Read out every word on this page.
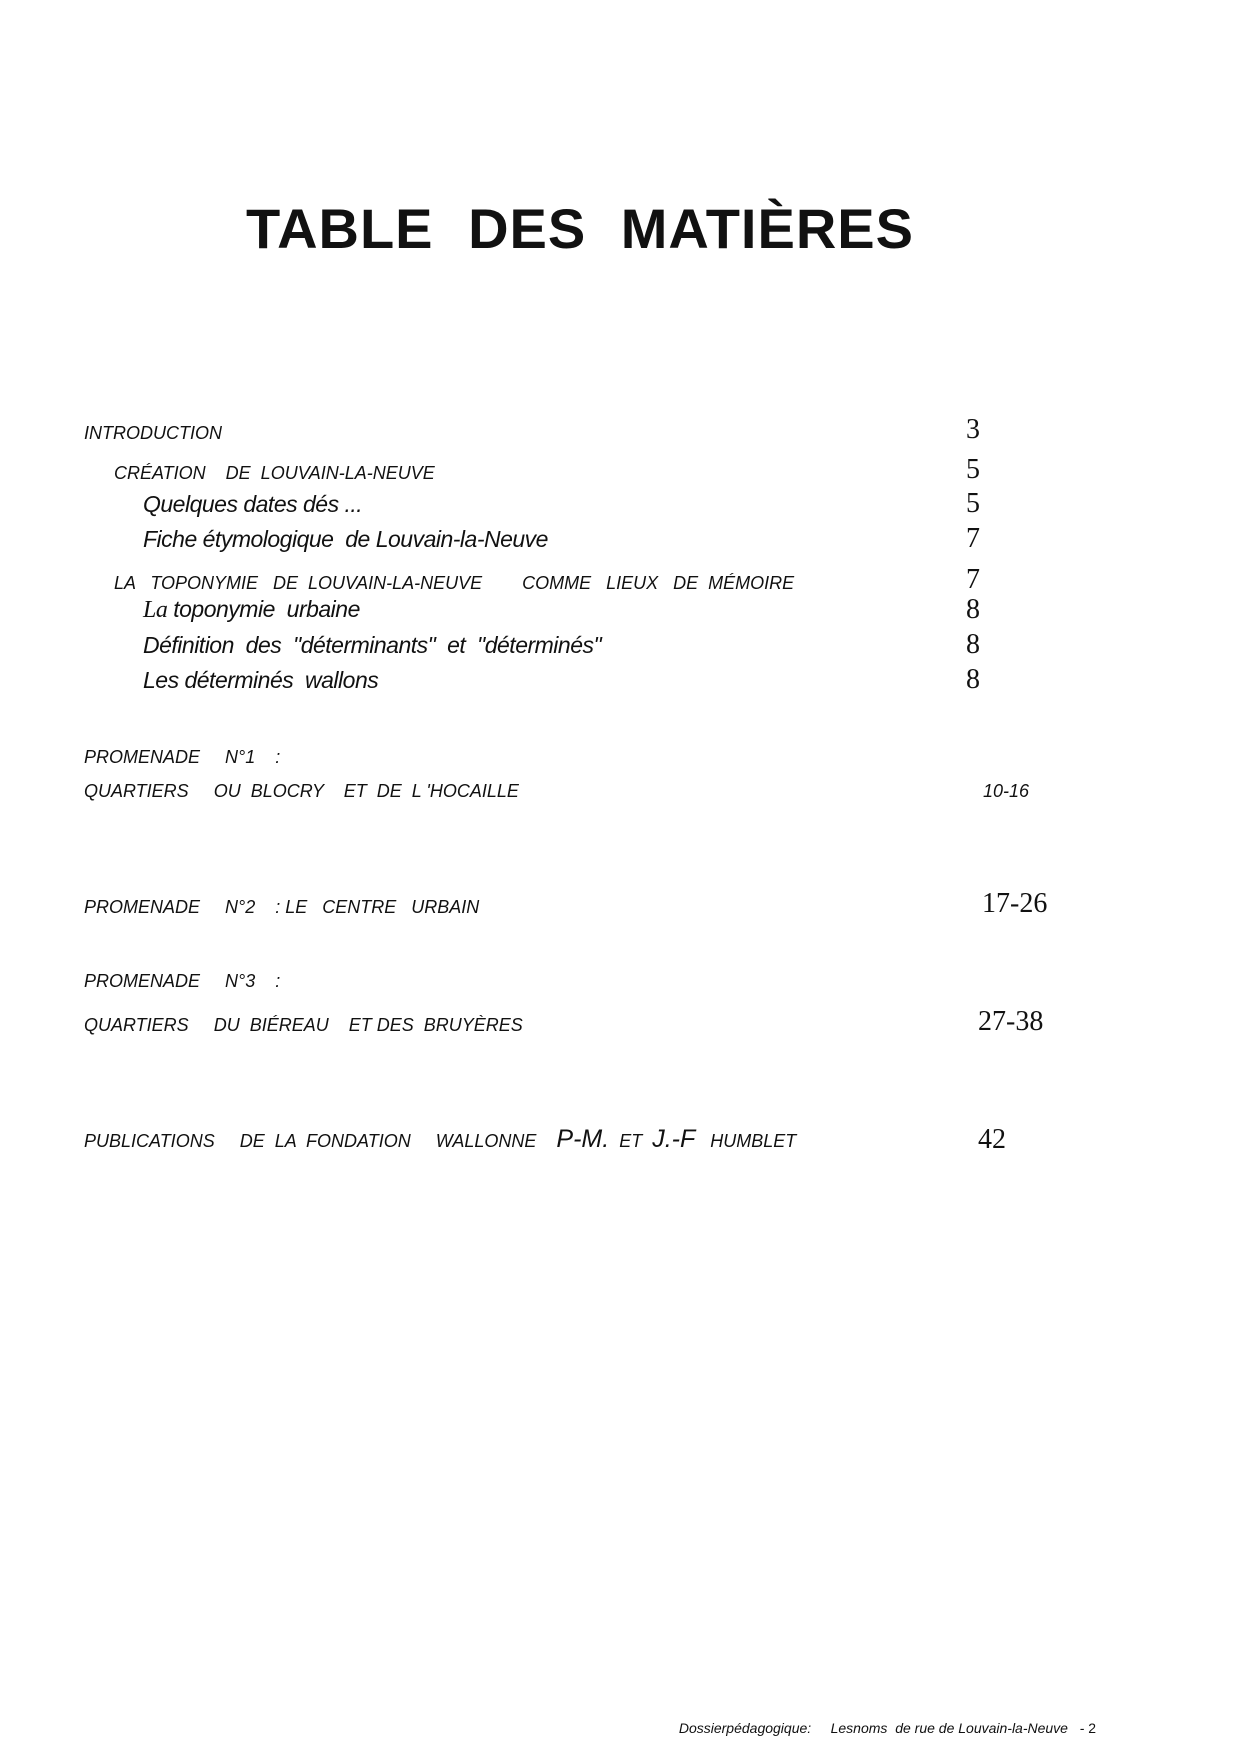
TABLE DES MATIÈRES
INTRODUCTION	3
CRÉATION    DE  LOUVAIN-LA-NEUVE	5
Quelques dates dés ...	5
Fiche étymologique  de Louvain-la-Neuve	7
LA   TOPONYMIE   DE  LOUVAIN-LA-NEUVE        COMME   LIEUX   DE  MÉMOIRE	7
La toponymie  urbaine	8
Définition  des  "déterminants"  et  "déterminés"	8
Les déterminés  wallons	8
PROMENADE     N°1    :
QUARTIERS     OU  BLOCRY    ET  DE  L 'HOCAILLE	10-16
PROMENADE     N°2    : LE   CENTRE   URBAIN	17-26
PROMENADE     N°3    :
QUARTIERS     DU  BIÉREAU    ET DES  BRUYÈRES	27-38
PUBLICATIONS     DE  LA  FONDATION     WALLONNE    P-M.  ET  J.-F   HUMBLET	42
Dossierpédagogique:     Lesnoms  de rue de Louvain-la-Neuve   - 2
